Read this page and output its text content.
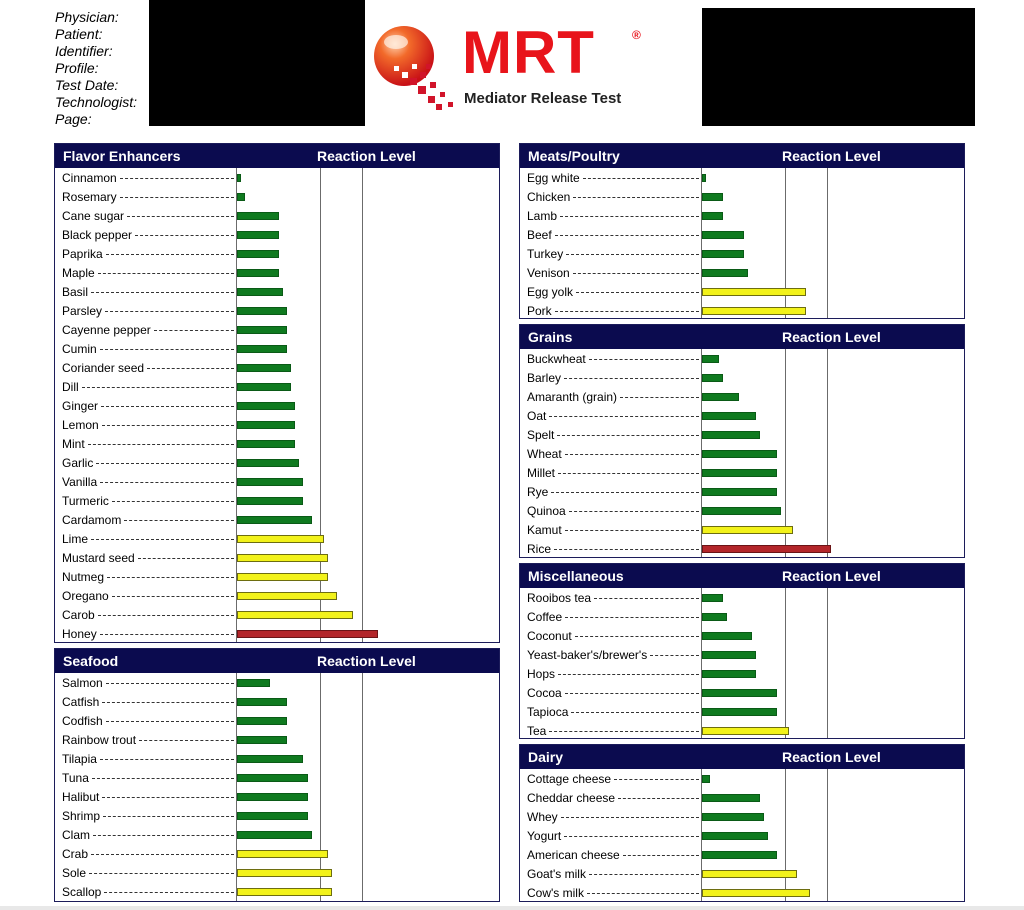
Physician:
Patient:
Identifier:
Profile:
Test Date:
Technologist:
Page:
MRT	®
Mediator Release Test
Flavor Enhancers	Reaction Level
Cinnamon
Rosemary
Cane sugar
Black pepper
Paprika
Maple
Basil
Parsley
Cayenne pepper
Cumin
Coriander seed
Dill
Ginger
Lemon
Mint
Garlic
Vanilla
Turmeric
Cardamom
Lime
Mustard seed
Nutmeg
Oregano
Carob
Honey
Seafood	Reaction Level
Salmon
Catfish
Codfish
Rainbow trout
Tilapia
Tuna
Halibut
Shrimp
Clam
Crab
Sole
Scallop
Meats/Poultry	Reaction Level
Egg white
Chicken
Lamb
Beef
Turkey
Venison
Egg yolk
Pork
Grains	Reaction Level
Buckwheat
Barley
Amaranth (grain)
Oat
Spelt
Wheat
Millet
Rye
Quinoa
Kamut
Rice
Miscellaneous	Reaction Level
Rooibos tea
Coffee
Coconut
Yeast-baker's/brewer's
Hops
Cocoa
Tapioca
Tea
Dairy	Reaction Level
Cottage cheese
Cheddar cheese
Whey
Yogurt
American cheese
Goat's milk
Cow's milk
